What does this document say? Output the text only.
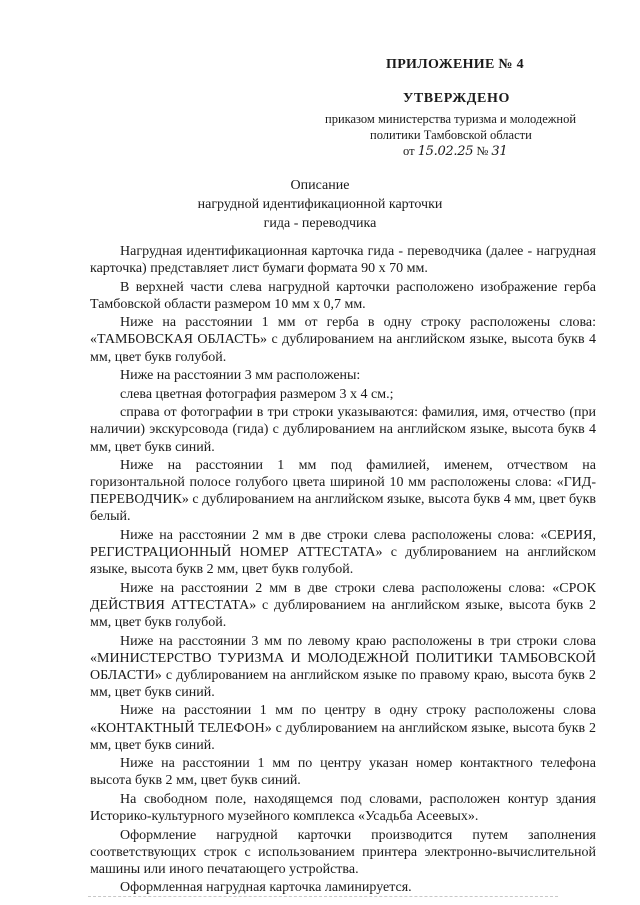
ПРИЛОЖЕНИЕ № 4
УТВЕРЖДЕНО
приказом министерства туризма и молодежной
политики Тамбовской области
от 15.02.25 № 31
Описание
нагрудной идентификационной карточки
гида - переводчика

Нагрудная идентификационная карточка гида - переводчика (далее - нагрудная карточка) представляет лист бумаги формата 90 х 70 мм.

В верхней части слева нагрудной карточки расположено изображение герба Тамбовской области размером 10 мм х 0,7 мм.

Ниже на расстоянии 1 мм от герба в одну строку расположены слова: «ТАМБОВСКАЯ ОБЛАСТЬ» с дублированием на английском языке, высота букв 4 мм, цвет букв голубой.

Ниже на расстоянии 3 мм расположены:

слева цветная фотография размером 3 х 4 см.;

справа от фотографии в три строки указываются: фамилия, имя, отчество (при наличии) экскурсовода (гида) с дублированием на английском языке, высота букв 4 мм, цвет букв синий.

Ниже на расстоянии 1 мм под фамилией, именем, отчеством на горизонтальной полосе голубого цвета шириной 10 мм расположены слова: «ГИД-ПЕРЕВОДЧИК» с дублированием на английском языке, высота букв 4 мм, цвет букв белый.

Ниже на расстоянии 2 мм в две строки слева расположены слова: «СЕРИЯ, РЕГИСТРАЦИОННЫЙ НОМЕР АТТЕСТАТА» с дублированием на английском языке, высота букв 2 мм, цвет букв голубой.

Ниже на расстоянии 2 мм в две строки слева расположены слова: «СРОК ДЕЙСТВИЯ АТТЕСТАТА» с дублированием на английском языке, высота букв 2 мм, цвет букв голубой.

Ниже на расстоянии 3 мм по левому краю расположены в три строки слова «МИНИСТЕРСТВО ТУРИЗМА И МОЛОДЕЖНОЙ ПОЛИТИКИ ТАМБОВСКОЙ ОБЛАСТИ» с дублированием на английском языке по правому краю, высота букв 2 мм, цвет букв синий.

Ниже на расстоянии 1 мм по центру в одну строку расположены слова «КОНТАКТНЫЙ ТЕЛЕФОН» с дублированием на английском языке, высота букв 2 мм, цвет букв синий.

Ниже на расстоянии 1 мм по центру указан номер контактного телефона высота букв 2 мм, цвет букв синий.

На свободном поле, находящемся под словами, расположен контур здания Историко-культурного музейного комплекса «Усадьба Асеевых».

Оформление нагрудной карточки производится путем заполнения соответствующих строк с использованием принтера электронно-вычислительной машины или иного печатающего устройства.

Оформленная нагрудная карточка ламинируется.
